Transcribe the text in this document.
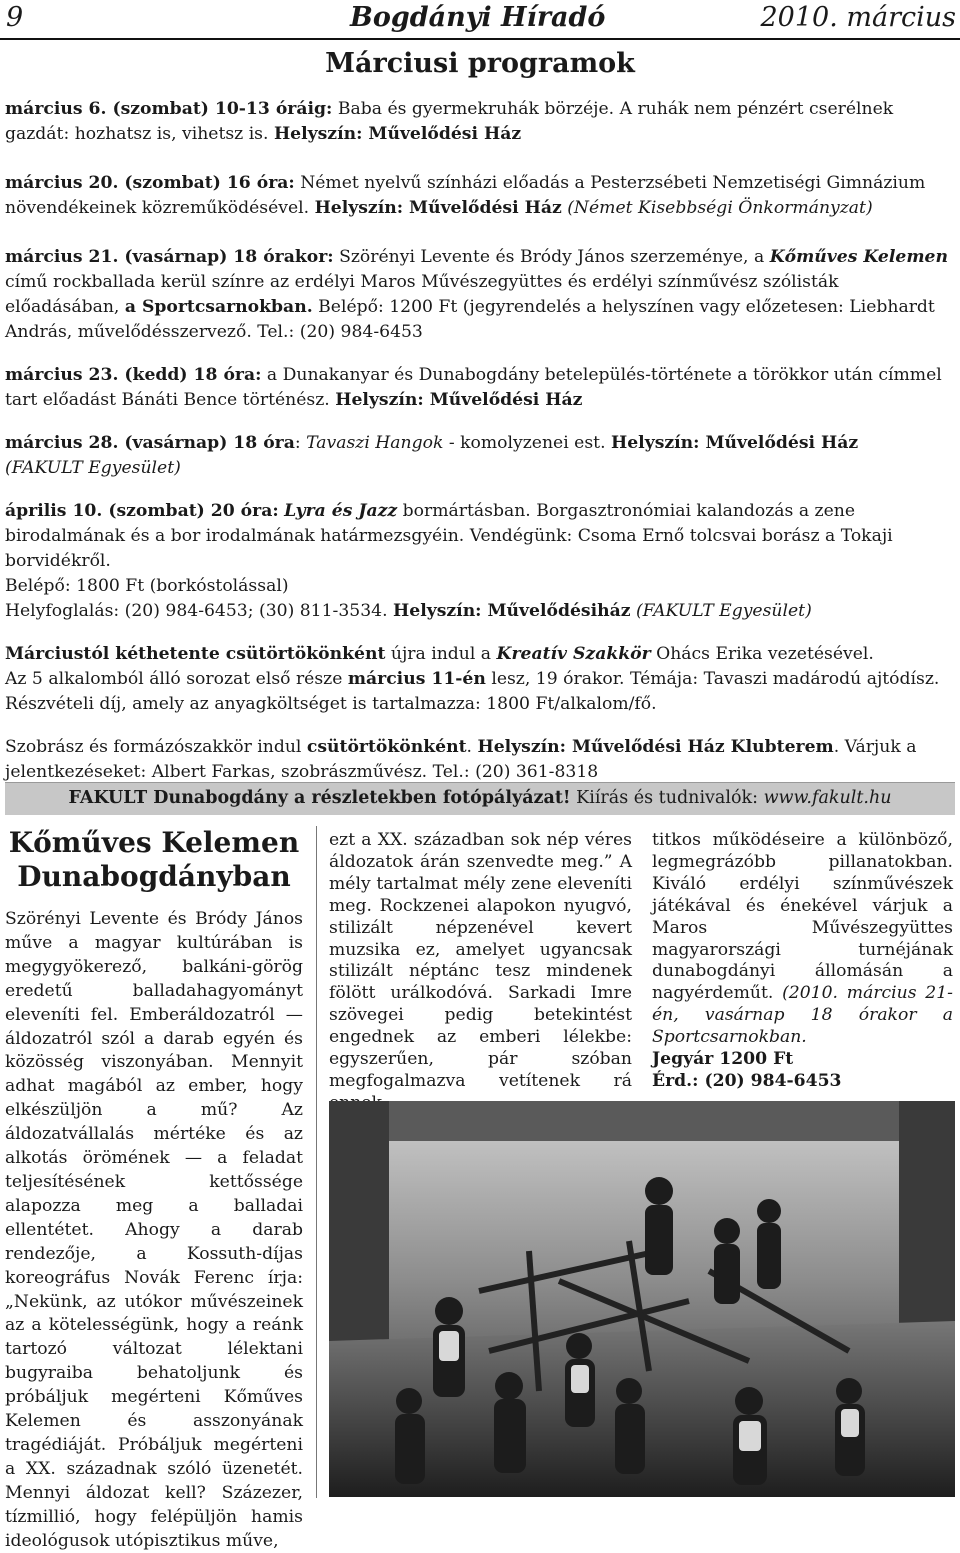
9	Bogdányi Híradó	2010. március
Márciusi programok

március 6. (szombat) 10-13 óráig: Baba és gyermekruhák börzéje. A ruhák nem pénzért cserélnek gazdát: hozhatsz is, vihetsz is. Helyszín: Művelődési Ház

március 20. (szombat) 16 óra: Német nyelvű színházi előadás a Pesterzsébeti Nemzetiségi Gimnázium növendékeinek közreműködésével. Helyszín: Művelődési Ház (Német Kisebbségi Önkormányzat)

március 21. (vasárnap) 18 órakor: Szörényi Levente és Bródy János szerzeménye, a Kőműves Kelemen című rockballada kerül színre az erdélyi Maros Művészegyüttes és erdélyi színművész szólisták előadásában, a Sportcsarnokban. Belépő: 1200 Ft (jegyrendelés a helyszínen vagy előzetesen: Liebhardt András, művelődésszervező. Tel.: (20) 984-6453

március 23. (kedd) 18 óra: a Dunakanyar és Dunabogdány betelepülés-története a törökkor után címmel tart előadást Bánáti Bence történész. Helyszín: Művelődési Ház

március 28. (vasárnap) 18 óra: Tavaszi Hangok - komolyzenei est. Helyszín: Művelődési Ház
(FAKULT Egyesület)

április 10. (szombat) 20 óra: Lyra és Jazz bormártásban. Borgasztronómiai kalandozás a zene birodalmának és a bor irodalmának határmezsgyéin. Vendégünk: Csoma Ernő tolcsvai borász a Tokaji borvidékről.
Belépő: 1800 Ft (borkóstolással)
Helyfoglalás: (20) 984-6453; (30) 811-3534. Helyszín: Művelődésiház (FAKULT Egyesület)

Márciustól kéthetente csütörtökönként újra indul a Kreatív Szakkör Ohács Erika vezetésével.
Az 5 alkalomból álló sorozat első része március 11-én lesz, 19 órakor. Témája: Tavaszi madárodú ajtódísz.
Részvételi díj, amely az anyagköltséget is tartalmazza: 1800 Ft/alkalom/fő.

Szobrász és formázószakkör indul csütörtökönként. Helyszín: Művelődési Ház Klubterem. Várjuk a jelentkezéseket: Albert Farkas, szobrászművész. Tel.: (20) 361-8318

FAKULT Dunabogdány a részletekben fotópályázat! Kiírás és tudnivalók: www.fakult.hu
Kőműves Kelemen Dunabogdányban
Szörényi Levente és Bródy János műve a magyar kultúrában is megygyökerező, balkáni-görög eredetű balladahagyományt eleveníti fel. Emberáldozatról — áldozatról szól a darab egyén és közösség viszonyában. Mennyit adhat magából az ember, hogy elkészüljön a mű? Az áldozatvállalás mértéke és az alkotás örömének — a feladat teljesítésének kettőssége alapozza meg a balladai ellentétet. Ahogy a darab rendezője, a Kossuth-díjas koreográfus Novák Ferenc írja: „Nekünk, az utókor művészeinek az a kötelességünk, hogy a reánk tartozó változat lélektani bugyraiba behatoljunk és próbáljuk megérteni Kőműves Kelemen és asszonyának tragédiáját. Próbáljuk megérteni a XX. századnak szóló üzenetét. Mennyi áldozat kell? Százezer, tízmillió, hogy felépüljön hamis ideológusok utópisztikus műve,
ezt a XX. században sok nép véres áldozatok árán szenvedte meg.” A mély tartalmat mély zene eleveníti meg. Rockzenei alapokon nyugvó, stilizált népzenével kevert muzsika ez, amelyet ugyancsak stilizált néptánc tesz mindenek fölött urálkodóvá. Sarkadi Imre szövegei pedig betekintést engednek az emberi lélekbe: egyszerűen, pár szóban megfogalmazva vetítenek rá
titkos működéseire a különböző, legmegrázóbb pillanatokban. Kiváló erdélyi színművészek játékával és énekével várjuk a Maros Művészegyüttes magyarországi turnéjának dunabogdányi állomásán a nagyérdeműt. (2010. március 21-én, vasárnap 18 órakor a Sportcsarnokban.
Jegyár 1200 Ft
Érd.: (20) 984-6453
